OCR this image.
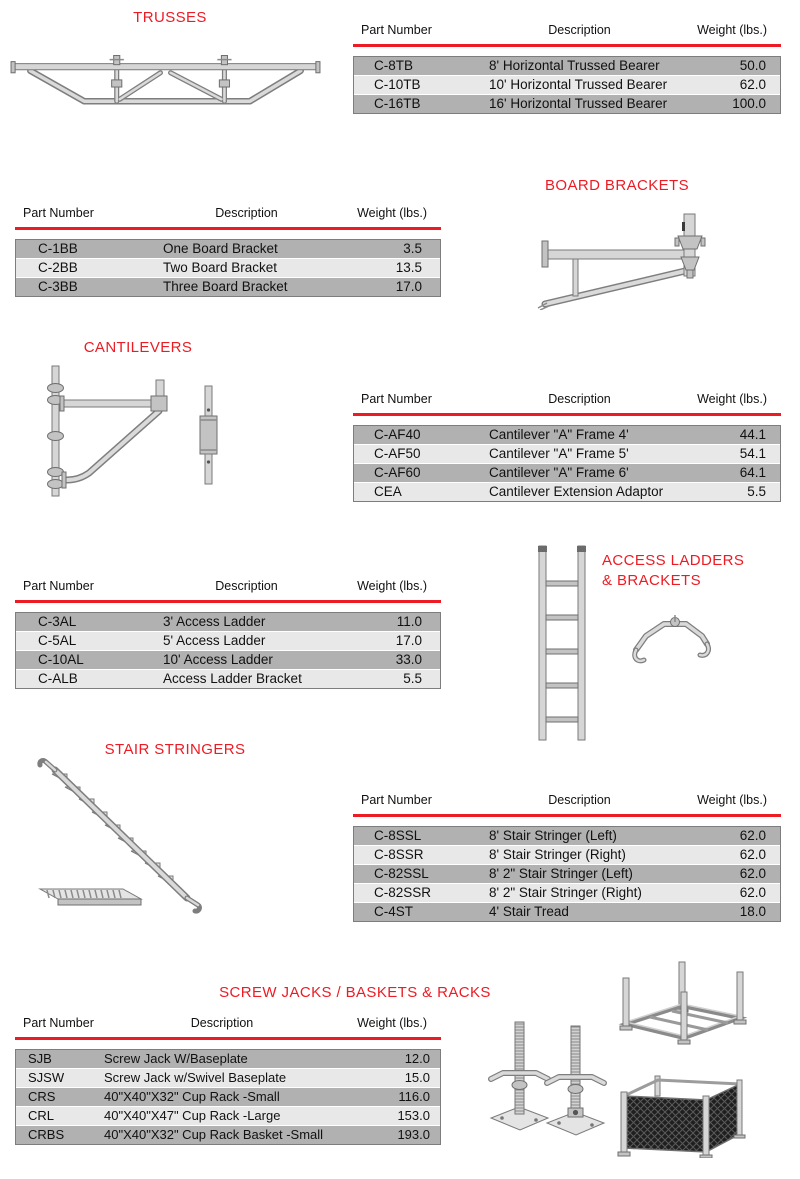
TRUSSES
Part Number	Description	Weight (lbs.)
C-8TB	8' Horizontal Trussed Bearer	50.0
C-10TB	10' Horizontal Trussed Bearer	62.0
C-16TB	16' Horizontal Trussed Bearer	100.0
BOARD BRACKETS
Part Number	Description	Weight (lbs.)
C-1BB	One Board Bracket	3.5
C-2BB	Two Board Bracket	13.5
C-3BB	Three Board Bracket	17.0
CANTILEVERS
Part Number	Description	Weight (lbs.)
C-AF40	Cantilever "A" Frame 4'	44.1
C-AF50	Cantilever "A" Frame 5'	54.1
C-AF60	Cantilever "A" Frame 6'	64.1
CEA	Cantilever Extension Adaptor	5.5
ACCESS LADDERS
& BRACKETS
Part Number	Description	Weight (lbs.)
C-3AL	3' Access Ladder	11.0
C-5AL	5' Access Ladder	17.0
C-10AL	10' Access Ladder	33.0
C-ALB	Access Ladder Bracket	5.5
STAIR STRINGERS
Part Number	Description	Weight (lbs.)
C-8SSL	8' Stair Stringer (Left)	62.0
C-8SSR	8' Stair Stringer (Right)	62.0
C-82SSL	8' 2" Stair Stringer (Left)	62.0
C-82SSR	8' 2" Stair Stringer (Right)	62.0
C-4ST	4' Stair Tread	18.0
SCREW JACKS / BASKETS & RACKS
Part Number	Description	Weight (lbs.)
SJB	Screw Jack W/Baseplate	12.0
SJSW	Screw Jack w/Swivel Baseplate	15.0
CRS	40"X40"X32" Cup Rack -Small	116.0
CRL	40"X40"X47" Cup Rack -Large	153.0
CRBS	40"X40"X32" Cup Rack Basket -Small	193.0
